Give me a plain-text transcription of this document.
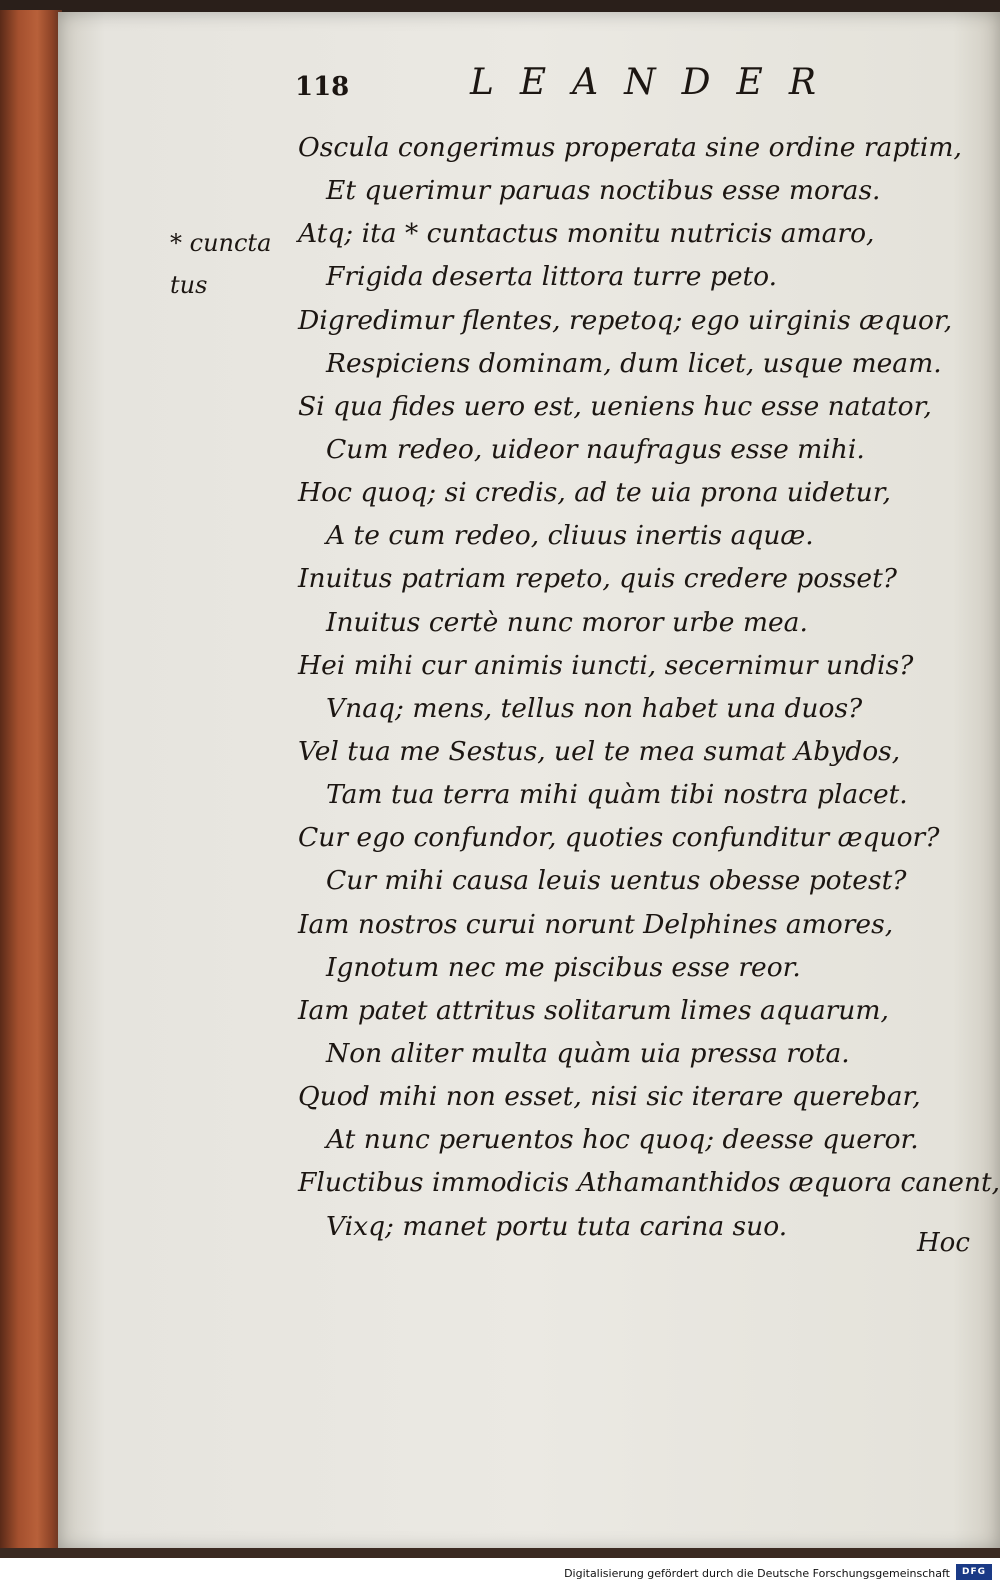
118	LEANDER
* cuncta
tus
Oscula congerimus properata sine ordine raptim,
Et querimur paruas noctibus esse moras.
Atq; ita * cuntactus monitu nutricis amaro,
Frigida deserta littora turre peto.
Digredimur flentes, repetoq; ego uirginis æquor,
Respiciens dominam, dum licet, usque meam.
Si qua fides uero est, ueniens huc esse natator,
Cum redeo, uideor naufragus esse mihi.
Hoc quoq; si credis, ad te uia prona uidetur,
A te cum redeo, cliuus inertis aquæ.
Inuitus patriam repeto, quis credere posset?
Inuitus certè nunc moror urbe mea.
Hei mihi cur animis iuncti, secernimur undis?
Vnaq; mens, tellus non habet una duos?
Vel tua me Sestus, uel te mea sumat Abydos,
Tam tua terra mihi quàm tibi nostra placet.
Cur ego confundor, quoties confunditur æquor?
Cur mihi causa leuis uentus obesse potest?
Iam nostros curui norunt Delphines amores,
Ignotum nec me piscibus esse reor.
Iam patet attritus solitarum limes aquarum,
Non aliter multa quàm uia pressa rota.
Quod mihi non esset, nisi sic iterare querebar,
At nunc peruentos hoc quoq; deesse queror.
Fluctibus immodicis Athamanthidos æquora canent,
Vixq; manet portu tuta carina suo.
Hoc
Digitalisierung gefördert durch die Deutsche Forschungsgemeinschaft	DFG
